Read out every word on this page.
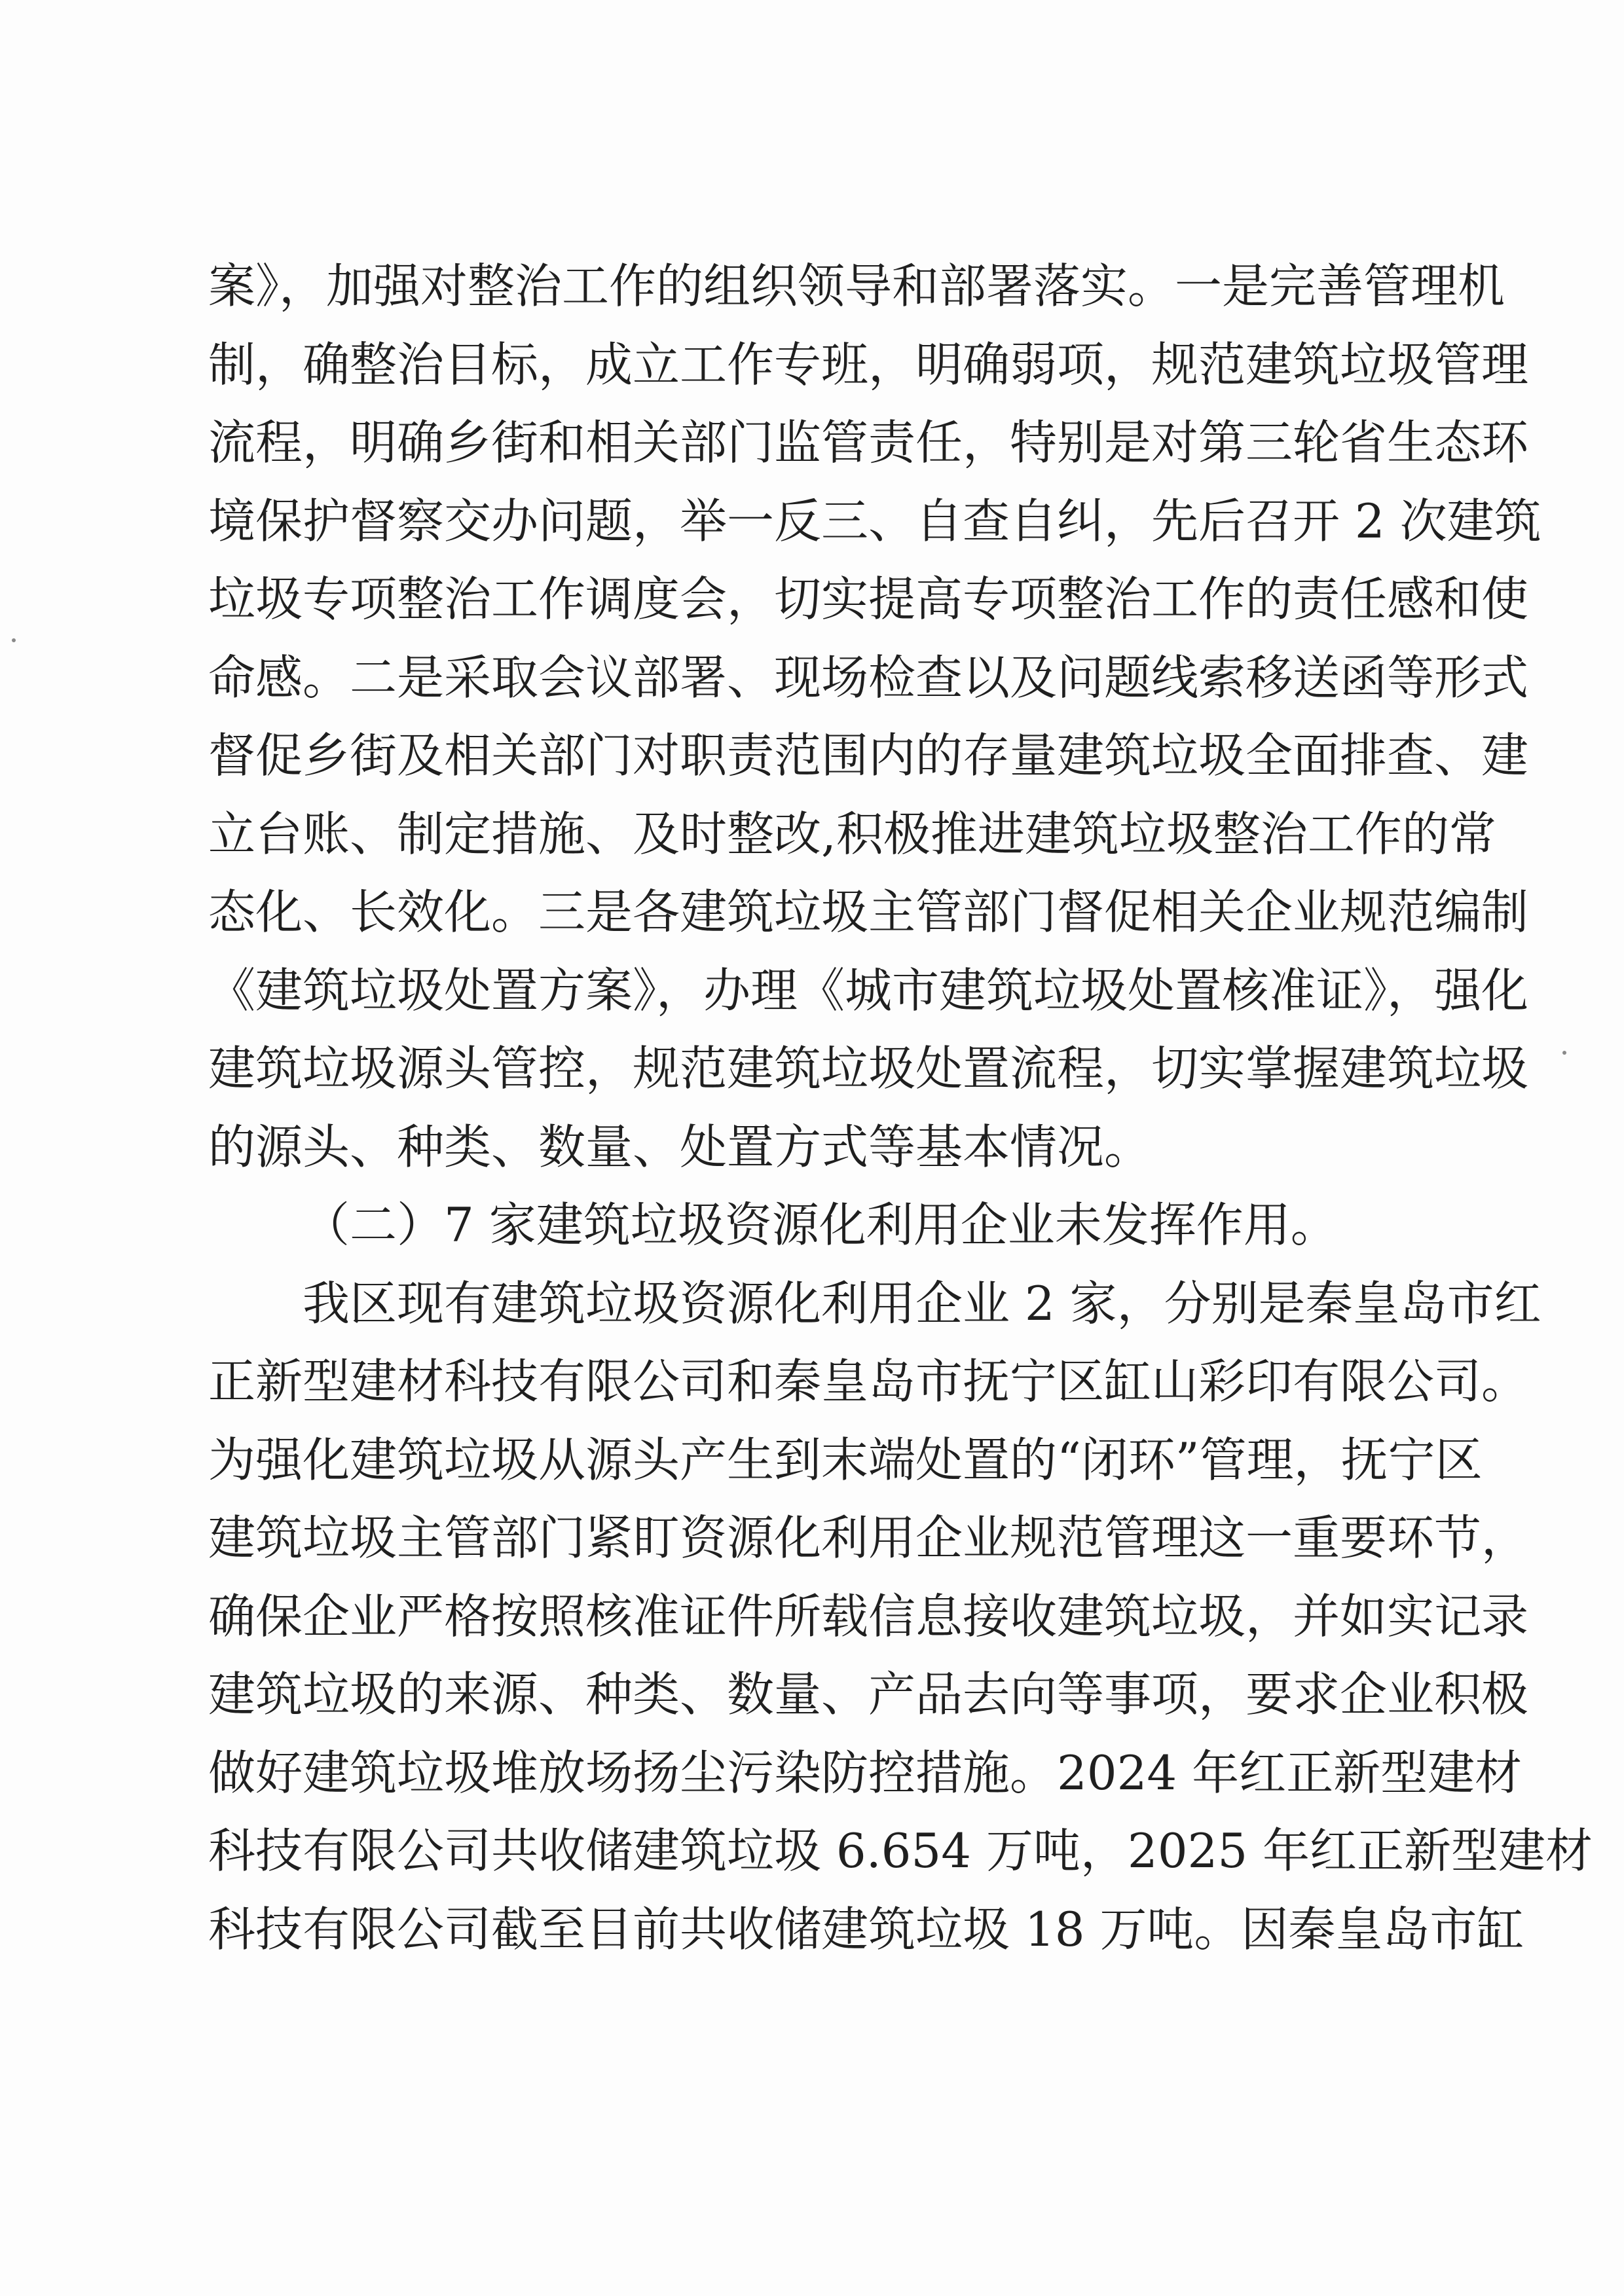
案》，加强对整治工作的组织领导和部署落实。一是完善管理机
制，确整治目标，成立工作专班，明确弱项，规范建筑垃圾管理
流程，明确乡街和相关部门监管责任，特别是对第三轮省生态环
境保护督察交办问题，举一反三、自查自纠，先后召开 2 次建筑
垃圾专项整治工作调度会，切实提高专项整治工作的责任感和使
命感。二是采取会议部署、现场检查以及问题线索移送函等形式
督促乡街及相关部门对职责范围内的存量建筑垃圾全面排查、建
立台账、制定措施、及时整改,积极推进建筑垃圾整治工作的常
态化、长效化。三是各建筑垃圾主管部门督促相关企业规范编制
《建筑垃圾处置方案》，办理《城市建筑垃圾处置核准证》，强化
建筑垃圾源头管控，规范建筑垃圾处置流程，切实掌握建筑垃圾
的源头、种类、数量、处置方式等基本情况。
（二）7 家建筑垃圾资源化利用企业未发挥作用。
我区现有建筑垃圾资源化利用企业 2 家，分别是秦皇岛市红
正新型建材科技有限公司和秦皇岛市抚宁区缸山彩印有限公司。
为强化建筑垃圾从源头产生到末端处置的“闭环”管理，抚宁区
建筑垃圾主管部门紧盯资源化利用企业规范管理这一重要环节，
确保企业严格按照核准证件所载信息接收建筑垃圾，并如实记录
建筑垃圾的来源、种类、数量、产品去向等事项，要求企业积极
做好建筑垃圾堆放场扬尘污染防控措施。2024 年红正新型建材
科技有限公司共收储建筑垃圾 6.654 万吨，2025 年红正新型建材
科技有限公司截至目前共收储建筑垃圾 18 万吨。因秦皇岛市缸
